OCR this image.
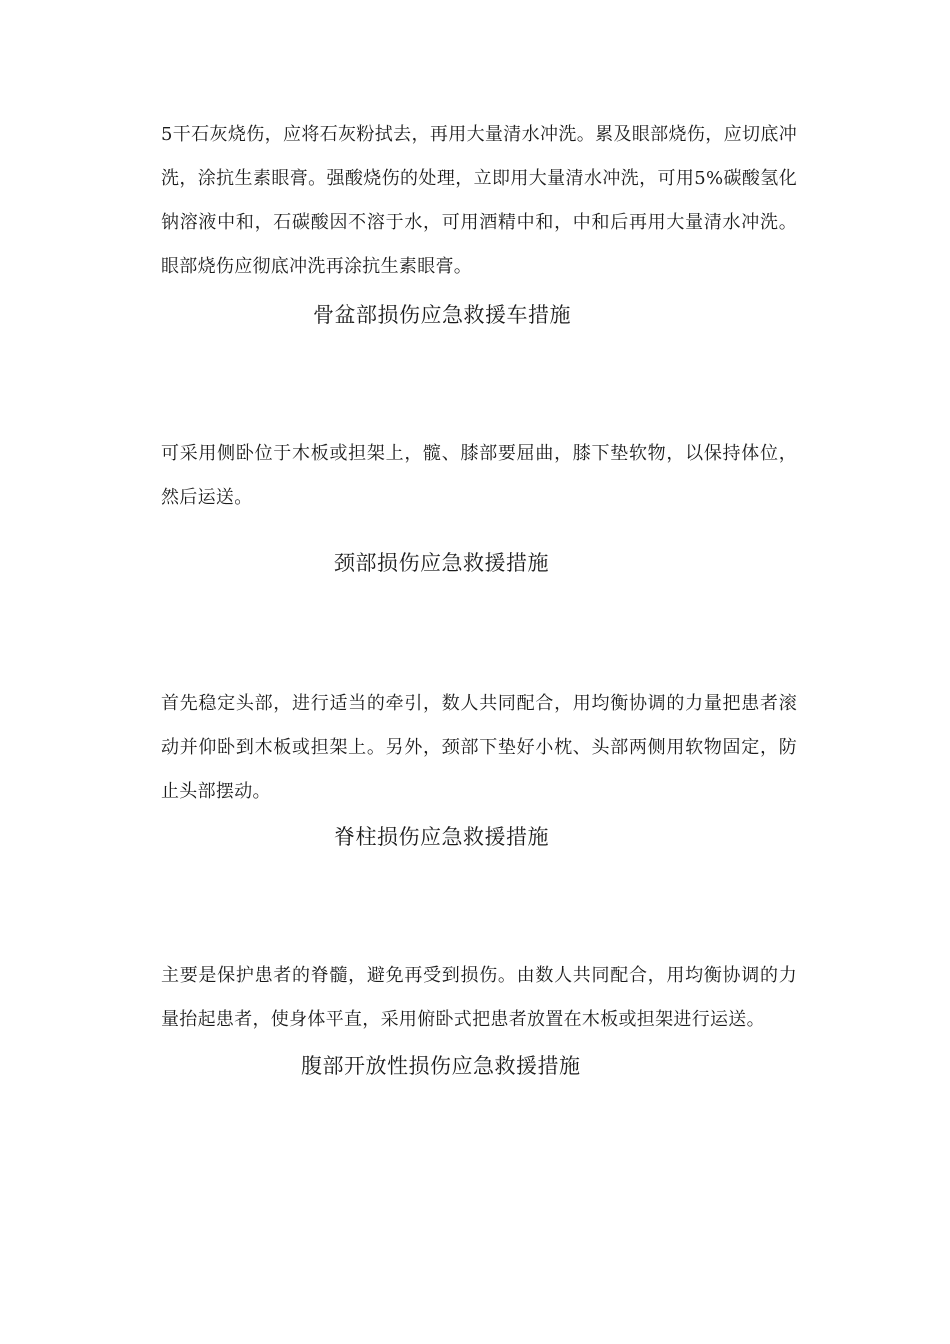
5干石灰烧伤，应将石灰粉拭去，再用大量清水冲洗。累及眼部烧伤，应切底冲洗，涂抗生素眼膏。强酸烧伤的处理，立即用大量清水冲洗，可用5%碳酸氢化钠溶液中和，石碳酸因不溶于水，可用酒精中和，中和后再用大量清水冲洗。眼部烧伤应彻底冲洗再涂抗生素眼膏。

骨盆部损伤应急救援车措施

可采用侧卧位于木板或担架上，髋、膝部要屈曲，膝下垫软物，以保持体位，然后运送。

颈部损伤应急救援措施

首先稳定头部，进行适当的牵引，数人共同配合，用均衡协调的力量把患者滚动并仰卧到木板或担架上。另外，颈部下垫好小枕、头部两侧用软物固定，防止头部摆动。

脊柱损伤应急救援措施

主要是保护患者的脊髓，避免再受到损伤。由数人共同配合，用均衡协调的力量抬起患者，使身体平直，采用俯卧式把患者放置在木板或担架进行运送。

腹部开放性损伤应急救援措施
